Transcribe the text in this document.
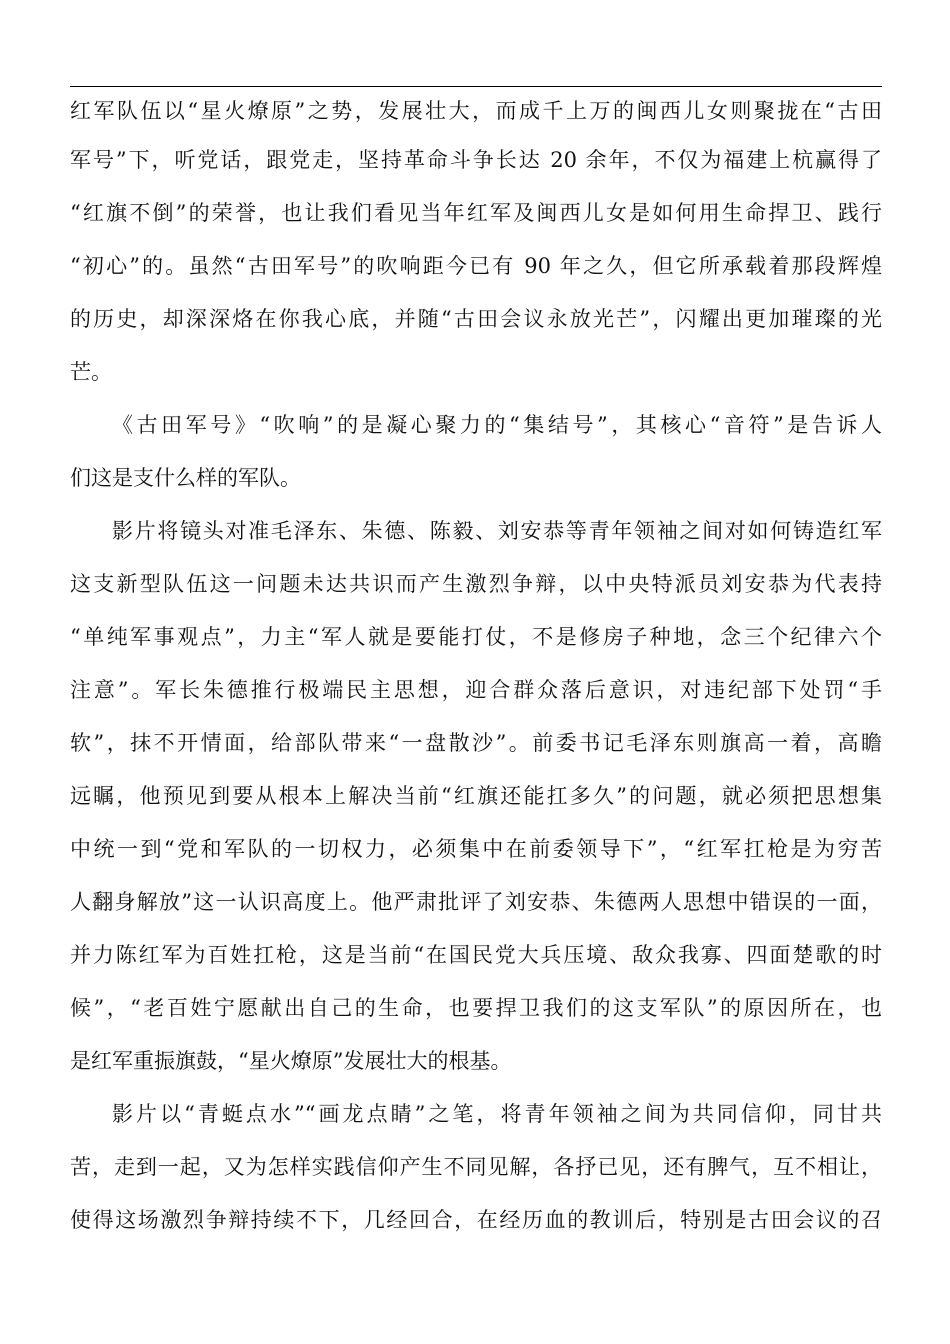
红军队伍以“星火燎原”之势，发展壮大，而成千上万的闽西儿女则聚拢在“古田
军号”下，听党话，跟党走，坚持革命斗争长达 20 余年，不仅为福建上杭赢得了
“红旗不倒”的荣誉，也让我们看见当年红军及闽西儿女是如何用生命捍卫、践行
“初心”的。虽然“古田军号”的吹响距今已有 90 年之久，但它所承载着那段辉煌
的历史，却深深烙在你我心底，并随“古田会议永放光芒”，闪耀出更加璀璨的光
芒。
《古田军号》“吹响”的是凝心聚力的“集结号”，其核心“音符”是告诉人
们这是支什么样的军队。
影片将镜头对准毛泽东、朱德、陈毅、刘安恭等青年领袖之间对如何铸造红军
这支新型队伍这一问题未达共识而产生激烈争辩，以中央特派员刘安恭为代表持
“单纯军事观点”，力主“军人就是要能打仗，不是修房子种地，念三个纪律六个
注意”。军长朱德推行极端民主思想，迎合群众落后意识，对违纪部下处罚“手
软”，抹不开情面，给部队带来“一盘散沙”。前委书记毛泽东则旗高一着，高瞻
远瞩，他预见到要从根本上解决当前“红旗还能扛多久”的问题，就必须把思想集
中统一到“党和军队的一切权力，必须集中在前委领导下”，“红军扛枪是为穷苦
人翻身解放”这一认识高度上。他严肃批评了刘安恭、朱德两人思想中错误的一面，
并力陈红军为百姓扛枪，这是当前“在国民党大兵压境、敌众我寡、四面楚歌的时
候”，“老百姓宁愿献出自己的生命，也要捍卫我们的这支军队”的原因所在，也
是红军重振旗鼓，“星火燎原”发展壮大的根基。
影片以“青蜓点水”“画龙点睛”之笔，将青年领袖之间为共同信仰，同甘共
苦，走到一起，又为怎样实践信仰产生不同见解，各抒已见，还有脾气，互不相让，
使得这场激烈争辩持续不下，几经回合，在经历血的教训后，特别是古田会议的召
